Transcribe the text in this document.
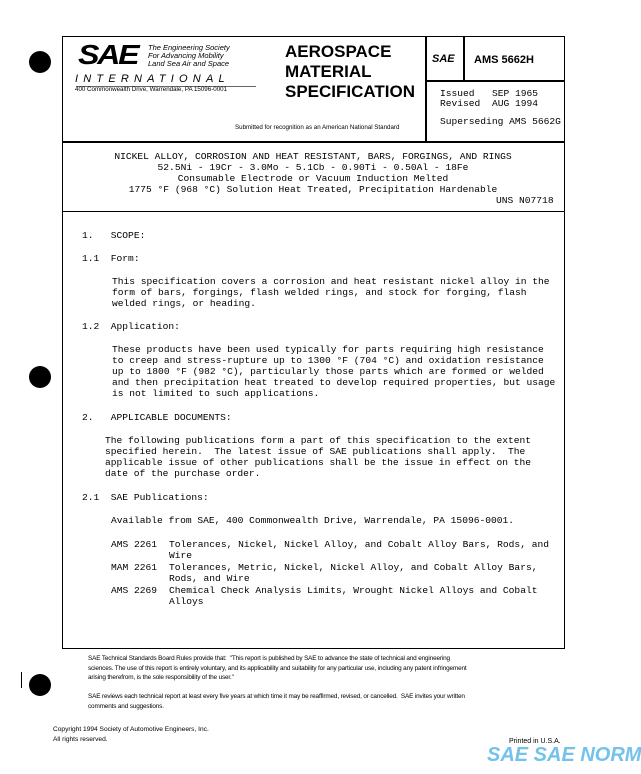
SAE The Engineering Society
For Advancing Mobility
Land Sea Air and Space
INTERNATIONAL
400 Commonwealth Drive, Warrendale, PA 15096-0001
AEROSPACE
MATERIAL
SPECIFICATION
Submitted for recognition as an American National Standard
SAE AMS 5662H
Issued SEP 1965
Revised AUG 1994
Superseding AMS 5662G
NICKEL ALLOY, CORROSION AND HEAT RESISTANT, BARS, FORGINGS, AND RINGS
52.5Ni - 19Cr - 3.0Mo - 5.1Cb - 0.90Ti - 0.50Al - 18Fe
Consumable Electrode or Vacuum Induction Melted
1775 °F (968 °C) Solution Heat Treated, Precipitation Hardenable
UNS N07718
1.   SCOPE:
1.1  Form:
This specification covers a corrosion and heat resistant nickel alloy in the
form of bars, forgings, flash welded rings, and stock for forging, flash
welded rings, or heading.
1.2  Application:
These products have been used typically for parts requiring high resistance
to creep and stress-rupture up to 1300 °F (704 °C) and oxidation resistance
up to 1800 °F (982 °C), particularly those parts which are formed or welded
and then precipitation heat treated to develop required properties, but usage
is not limited to such applications.
2.   APPLICABLE DOCUMENTS:
The following publications form a part of this specification to the extent
specified herein.  The latest issue of SAE publications shall apply.  The
applicable issue of other publications shall be the issue in effect on the
date of the purchase order.
2.1  SAE Publications:
Available from SAE, 400 Commonwealth Drive, Warrendale, PA 15096-0001.
AMS 2261 Tolerances, Nickel, Nickel Alloy, and Cobalt Alloy Bars, Rods, and
Wire
MAM 2261 Tolerances, Metric, Nickel, Nickel Alloy, and Cobalt Alloy Bars,
Rods, and Wire
AMS 2269 Chemical Check Analysis Limits, Wrought Nickel Alloys and Cobalt
Alloys
SAE Technical Standards Board Rules provide that:  "This report is published by SAE to advance the state of technical and engineering
sciences. The use of this report is entirely voluntary, and its applicability and suitability for any particular use, including any patent infringement
arising therefrom, is the sole responsibility of the user."
SAE reviews each technical report at least every five years at which time it may be reaffirmed, revised, or cancelled.  SAE invites your written
comments and suggestions.
Copyright 1994 Society of Automotive Engineers, Inc.
All rights reserved.	Printed in U.S.A.
SAE SAE NORM
